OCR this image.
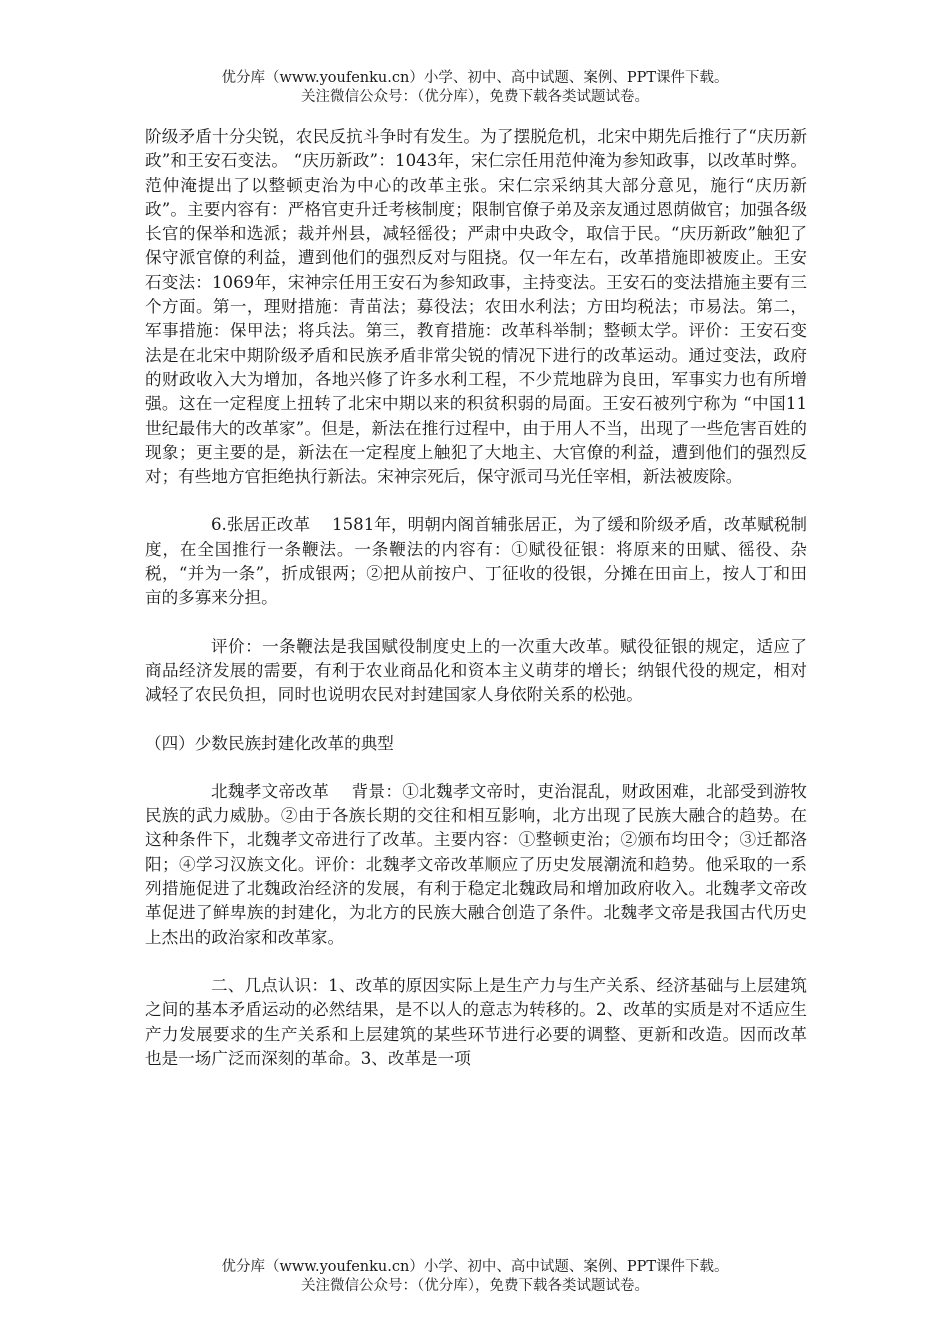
优分库（www.youfenku.cn）小学、初中、高中试题、案例、PPT课件下载。
关注微信公众号：（优分库），免费下载各类试题试卷。

阶级矛盾十分尖锐，农民反抗斗争时有发生。为了摆脱危机，北宋中期先后推行了“庆历新政”和王安石变法。 “庆历新政”：1043年，宋仁宗任用范仲淹为参知政事，以改革时弊。范仲淹提出了以整顿吏治为中心的改革主张。宋仁宗采纳其大部分意见，施行“庆历新政”。主要内容有：严格官吏升迁考核制度；限制官僚子弟及亲友通过恩荫做官；加强各级长官的保举和选派；裁并州县，减轻徭役；严肃中央政令，取信于民。“庆历新政”触犯了保守派官僚的利益，遭到他们的强烈反对与阻挠。仅一年左右，改革措施即被废止。王安石变法：1069年，宋神宗任用王安石为参知政事，主持变法。王安石的变法措施主要有三个方面。第一，理财措施：青苗法；募役法；农田水利法；方田均税法；市易法。第二，军事措施：保甲法；将兵法。第三，教育措施：改革科举制；整顿太学。评价：王安石变法是在北宋中期阶级矛盾和民族矛盾非常尖锐的情况下进行的改革运动。通过变法，政府的财政收入大为增加，各地兴修了许多水利工程，不少荒地辟为良田，军事实力也有所增强。这在一定程度上扭转了北宋中期以来的积贫积弱的局面。王安石被列宁称为 “中国11世纪最伟大的改革家”。但是，新法在推行过程中，由于用人不当，出现了一些危害百姓的现象；更主要的是，新法在一定程度上触犯了大地主、大官僚的利益，遭到他们的强烈反对；有些地方官拒绝执行新法。宋神宗死后，保守派司马光任宰相，新法被废除。

6.张居正改革　 1581年，明朝内阁首辅张居正，为了缓和阶级矛盾，改革赋税制度，在全国推行一条鞭法。一条鞭法的内容有：①赋役征银：将原来的田赋、徭役、杂税，“并为一条”，折成银两；②把从前按户、丁征收的役银，分摊在田亩上，按人丁和田亩的多寡来分担。

评价：一条鞭法是我国赋役制度史上的一次重大改革。赋役征银的规定，适应了商品经济发展的需要，有利于农业商品化和资本主义萌芽的增长；纳银代役的规定，相对减轻了农民负担，同时也说明农民对封建国家人身依附关系的松弛。

（四）少数民族封建化改革的典型

北魏孝文帝改革　 背景：①北魏孝文帝时，吏治混乱，财政困难，北部受到游牧民族的武力威胁。②由于各族长期的交往和相互影响，北方出现了民族大融合的趋势。在这种条件下，北魏孝文帝进行了改革。主要内容：①整顿吏治；②颁布均田令；③迁都洛阳；④学习汉族文化。评价：北魏孝文帝改革顺应了历史发展潮流和趋势。他采取的一系列措施促进了北魏政治经济的发展，有利于稳定北魏政局和增加政府收入。北魏孝文帝改革促进了鲜卑族的封建化，为北方的民族大融合创造了条件。北魏孝文帝是我国古代历史上杰出的政治家和改革家。

二、几点认识：1、改革的原因实际上是生产力与生产关系、经济基础与上层建筑之间的基本矛盾运动的必然结果，是不以人的意志为转移的。2、改革的实质是对不适应生产力发展要求的生产关系和上层建筑的某些环节进行必要的调整、更新和改造。因而改革也是一场广泛而深刻的革命。3、改革是一项

优分库（www.youfenku.cn）小学、初中、高中试题、案例、PPT课件下载。
关注微信公众号：（优分库），免费下载各类试题试卷。
